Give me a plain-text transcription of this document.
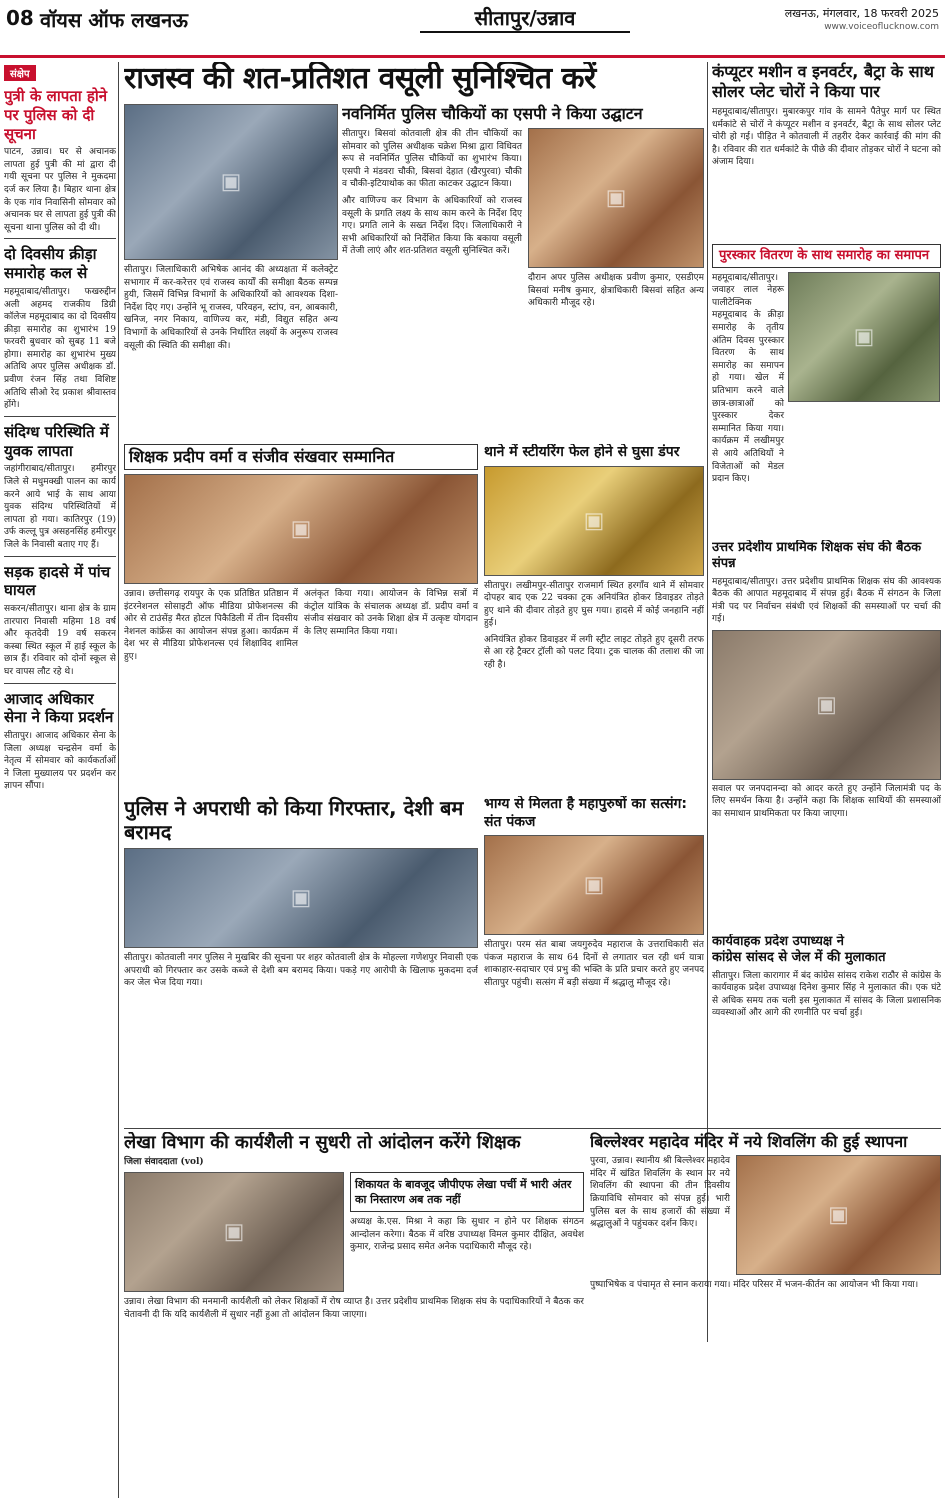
08 वॉयस ऑफ लखनऊ	सीतापुर/उन्नाव	लखनऊ, मंगलवार, 18 फरवरी 2025
www.voiceoflucknow.com
संक्षेप
पुत्री के लापता होने पर पुलिस को दी सूचना
पाटन, उन्नाव। घर से अचानक लापता हुई पुत्री की मां द्वारा दी गयी सूचना पर पुलिस ने मुकदमा दर्ज कर लिया है। बिहार थाना क्षेत्र के एक गांव निवासिनी सोमवार को अचानक घर से लापता हुई पुत्री की सूचना थाना पुलिस को दी थी।
दो दिवसीय क्रीड़ा समारोह कल से
महमूदाबाद/सीतापुर। फखरुद्दीन अली अहमद राजकीय डिग्री कॉलेज महमूदाबाद का दो दिवसीय क्रीड़ा समारोह का शुभारंभ 19 फरवरी बुधवार को सुबह 11 बजे होगा। समारोह का शुभारंभ मुख्य अतिथि अपर पुलिस अधीक्षक डॉ. प्रवीण रंजन सिंह तथा विशिष्ट अतिथि सीओ रेद प्रकाश श्रीवास्तव होंगे।
संदिग्ध परिस्थिति में युवक लापता
जहांगीराबाद/सीतापुर। हमीरपुर जिले से मधुमक्खी पालन का कार्य करने आये भाई के साथ आया युवक संदिग्ध परिस्थितियों में लापता हो गया। कातिरपुर (19) उर्फ कल्लू पुत्र असहनसिंह हमीरपुर जिले के निवासी बताए गए हैं।
सड़क हादसे में पांच घायल
सकरन/सीतापुर। थाना क्षेत्र के ग्राम तारपारा निवासी महिमा 18 वर्ष और कृतदेवी 19 वर्ष सकरन कस्बा स्थित स्कूल में हाई स्कूल के छात्र हैं। रविवार को दोनों स्कूल से घर वापस लौट रहे थे।
आजाद अधिकार सेना ने किया प्रदर्शन
सीतापुर। आजाद अधिकार सेना के जिला अध्यक्ष चन्द्रसेन वर्मा के नेतृत्व में सोमवार को कार्यकर्ताओं ने जिला मुख्यालय पर प्रदर्शन कर ज्ञापन सौंपा।
राजस्व की शत-प्रतिशत वसूली सुनिश्चित करें
▣
सीतापुर। जिलाधिकारी अभिषेक आनंद की अध्यक्षता में कलेक्ट्रेट सभागार में कर-करेत्तर एवं राजस्व कार्यों की समीक्षा बैठक सम्पन्न हुयी, जिसमें विभिन्न विभागों के अधिकारियों को आवश्यक दिशा-निर्देश दिए गए। उन्होंने भू राजस्व, परिवहन, स्टांप, वन, आबकारी, खनिज, नगर निकाय, वाणिज्य कर, मंडी, विद्युत सहित अन्य विभागों के अधिकारियों से उनके निर्धारित लक्ष्यों के अनुरूप राजस्व वसूली की स्थिति की समीक्षा की।
नवनिर्मित पुलिस चौकियों का एसपी ने किया उद्घाटन
सीतापुर। बिसवां कोतवाली क्षेत्र की तीन चौकियों का सोमवार को पुलिस अधीक्षक चक्रेश मिश्रा द्वारा विधिवत रूप से नवनिर्मित पुलिस चौकियों का शुभारंभ किया। एसपी ने मंडवरा चौकी, बिसवां देहात (खैरपुरवा) चौकी व चौकी-इटियाथोक का फीता काटकर उद्घाटन किया।
और वाणिज्य कर विभाग के अधिकारियों को राजस्व वसूली के प्रगति लक्ष्य के साथ काम करने के निर्देश दिए गए। प्रगति लाने के सख्त निर्देश दिए। जिलाधिकारी ने सभी अधिकारियों को निर्देशित किया कि बकाया वसूली में तेजी लाएं और शत-प्रतिशत वसूली सुनिश्चित करें।
▣
दौरान अपर पुलिस अधीक्षक प्रवीण कुमार, एसडीएम बिसवां मनीष कुमार, क्षेत्राधिकारी बिसवां सहित अन्य अधिकारी मौजूद रहे।
कंप्यूटर मशीन व इनवर्टर, बैट्रा के साथ सोलर प्लेट चोरों ने किया पार
महमूदाबाद/सीतापुर। मुबारकपुर गांव के सामने पैतेपुर मार्ग पर स्थित धर्मकांटे से चोरों ने कंप्यूटर मशीन व इनवर्टर, बैट्रा के साथ सोलर प्लेट चोरी हो गई। पीड़ित ने कोतवाली में तहरीर देकर कार्रवाई की मांग की है। रविवार की रात धर्मकांटे के पीछे की दीवार तोड़कर चोरों ने घटना को अंजाम दिया।
पुरस्कार वितरण के साथ समारोह का समापन
महमूदाबाद/सीतापुर। जवाहर लाल नेहरू पालीटेक्निक महमूदाबाद के क्रीड़ा समारोह के तृतीय अंतिम दिवस पुरस्कार वितरण के साथ समारोह का समापन हो गया। खेल में प्रतिभाग करने वाले छात्र-छात्राओं को पुरस्कार देकर सम्मानित किया गया। कार्यक्रम में लखीमपुर से आये अतिथियों ने विजेताओं को मेडल प्रदान किए।
▣
उत्तर प्रदेशीय प्राथमिक शिक्षक संघ की बैठक संपन्न
महमूदाबाद/सीतापुर। उत्तर प्रदेशीय प्राथमिक शिक्षक संघ की आवश्यक बैठक की आपात महमूदाबाद में संपन्न हुई। बैठक में संगठन के जिला मंत्री पद पर निर्वाचन संबंधी एवं शिक्षकों की समस्याओं पर चर्चा की गई।
▣
सवाल पर जनपदानन्दा को आदर करते हुए उन्होंने जिलामंत्री पद के लिए समर्थन किया है। उन्होंने कहा कि शिक्षक साथियों की समस्याओं का समाधान प्राथमिकता पर किया जाएगा।
शिक्षक प्रदीप वर्मा व संजीव संखवार सम्मानित
▣
उन्नाव। छत्तीसगढ़ रायपुर के एक प्रतिष्ठित प्रतिष्ठान में इंटरनेशनल सोसाइटी ऑफ मीडिया प्रोफेशनल्स की ओर से टाउंसेंड़ मैरत होटल पिकैडिली में तीन दिवसीय नेशनल कांफ्रेंस का आयोजन संपन्न हुआ। कार्यक्रम में देश भर से मीडिया प्रोफेशनल्स एवं शिक्षाविद शामिल हुए।
अलंकृत किया गया। आयोजन के विभिन्न सत्रों में कंट्रोल यांत्रिक के संचालक अध्यक्ष डॉ. प्रदीप वर्मा व संजीव संखवार को उनके शिक्षा क्षेत्र में उत्कृष्ट योगदान के लिए सम्मानित किया गया।
थाने में स्टीयरिंग फेल होने से घुसा डंपर
▣
सीतापुर। लखीमपुर-सीतापुर राजमार्ग स्थित हरगाँव थाने में सोमवार दोपहर बाद एक 22 चक्का ट्रक अनियंत्रित होकर डिवाइडर तोड़ते हुए थाने की दीवार तोड़ते हुए घुस गया। हादसे में कोई जनहानि नहीं हुई।
अनियंत्रित होकर डिवाइडर में लगी स्ट्रीट लाइट तोड़ते हुए दूसरी तरफ से आ रहे ट्रैक्टर ट्रॉली को पलट दिया। ट्रक चालक की तलाश की जा रही है।
पुलिस ने अपराधी को किया गिरफ्तार, देशी बम बरामद
▣
सीतापुर। कोतवाली नगर पुलिस ने मुखबिर की सूचना पर शहर कोतवाली क्षेत्र के मोहल्ला गणेशपुर निवासी एक अपराधी को गिरफ्तार कर उसके कब्जे से देशी बम बरामद किया। पकड़े गए आरोपी के खिलाफ मुकदमा दर्ज कर जेल भेज दिया गया।
भाग्य से मिलता है महापुरुषों का सत्संग: संत पंकज
▣
सीतापुर। परम संत बाबा जयगुरुदेव महाराज के उत्तराधिकारी संत पंकज महाराज के साथ 64 दिनों से लगातार चल रही धर्म यात्रा शाकाहार-सदाचार एवं प्रभु की भक्ति के प्रति प्रचार करते हुए जनपद सीतापुर पहुंची। सत्संग में बड़ी संख्या में श्रद्धालु मौजूद रहे।
कार्यवाहक प्रदेश उपाध्यक्ष ने
कांग्रेस सांसद से जेल में की मुलाकात
सीतापुर। जिला कारागार में बंद कांग्रेस सांसद राकेश राठौर से कांग्रेस के कार्यवाहक प्रदेश उपाध्यक्ष दिनेश कुमार सिंह ने मुलाकात की। एक घंटे से अधिक समय तक चली इस मुलाकात में सांसद के जिला प्रशासनिक व्यवस्थाओं और आगे की रणनीति पर चर्चा हुई।
लेखा विभाग की कार्यशैली न सुधरी तो आंदोलन करेंगे शिक्षक
जिला संवाददाता (vol)
▣
शिकायत के बावजूद जीपीएफ लेखा पर्ची में भारी अंतर का निस्तारण अब तक नहीं
अध्यक्ष के.एस. मिश्रा ने कहा कि सुधार न होने पर शिक्षक संगठन आन्दोलन करेगा। बैठक में वरिष्ठ उपाध्यक्ष विमल कुमार दीक्षित, अवधेश कुमार, राजेन्द्र प्रसाद समेत अनेक पदाधिकारी मौजूद रहे।
उन्नाव। लेखा विभाग की मनमानी कार्यशैली को लेकर शिक्षकों में रोष व्याप्त है। उत्तर प्रदेशीय प्राथमिक शिक्षक संघ के पदाधिकारियों ने बैठक कर चेतावनी दी कि यदि कार्यशैली में सुधार नहीं हुआ तो आंदोलन किया जाएगा।
बिल्लेश्वर महादेव मंदिर में नये शिवलिंग की हुई स्थापना
पुरवा, उन्नाव। स्थानीय श्री बिल्लेश्वर महादेव मंदिर में खंडित शिवलिंग के स्थान पर नये शिवलिंग की स्थापना की तीन दिवसीय क्रियाविधि सोमवार को संपन्न हुई। भारी पुलिस बल के साथ हजारों की संख्या में श्रद्धालुओं ने पहुंचकर दर्शन किए।	▣
पुष्पाभिषेक व पंचामृत से स्नान कराया गया। मंदिर परिसर में भजन-कीर्तन का आयोजन भी किया गया।
